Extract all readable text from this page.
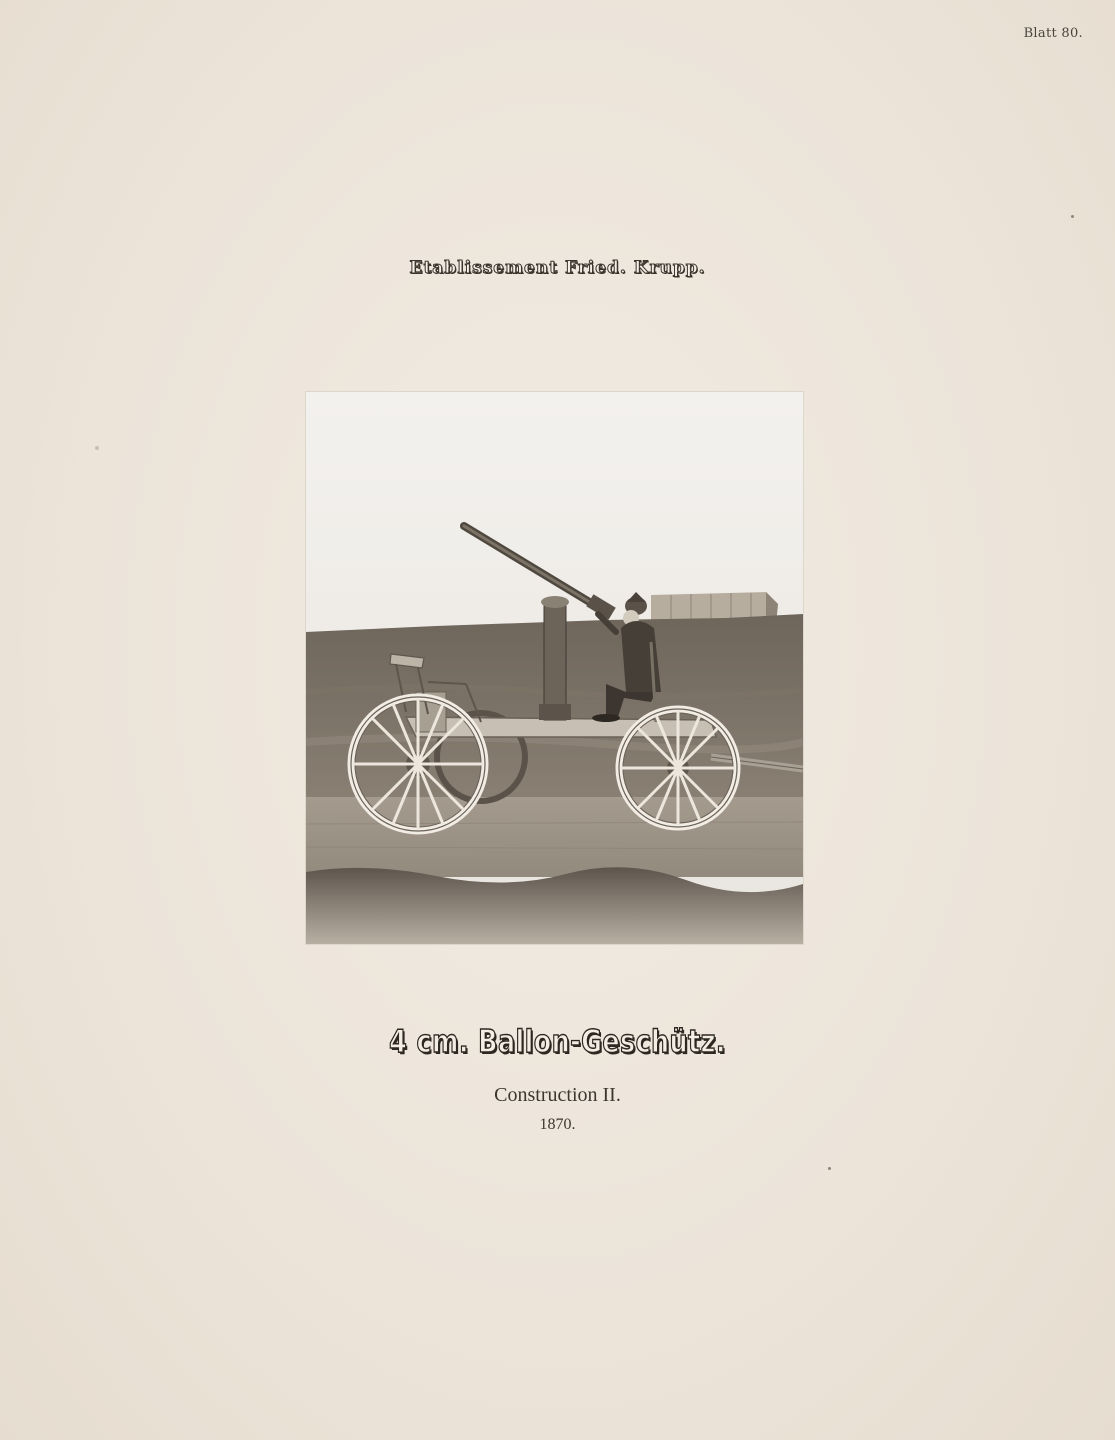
Blatt 80.
Etablissement Fried. Krupp.
4 cm. Ballon-Geschütz.
Construction II.
1870.
